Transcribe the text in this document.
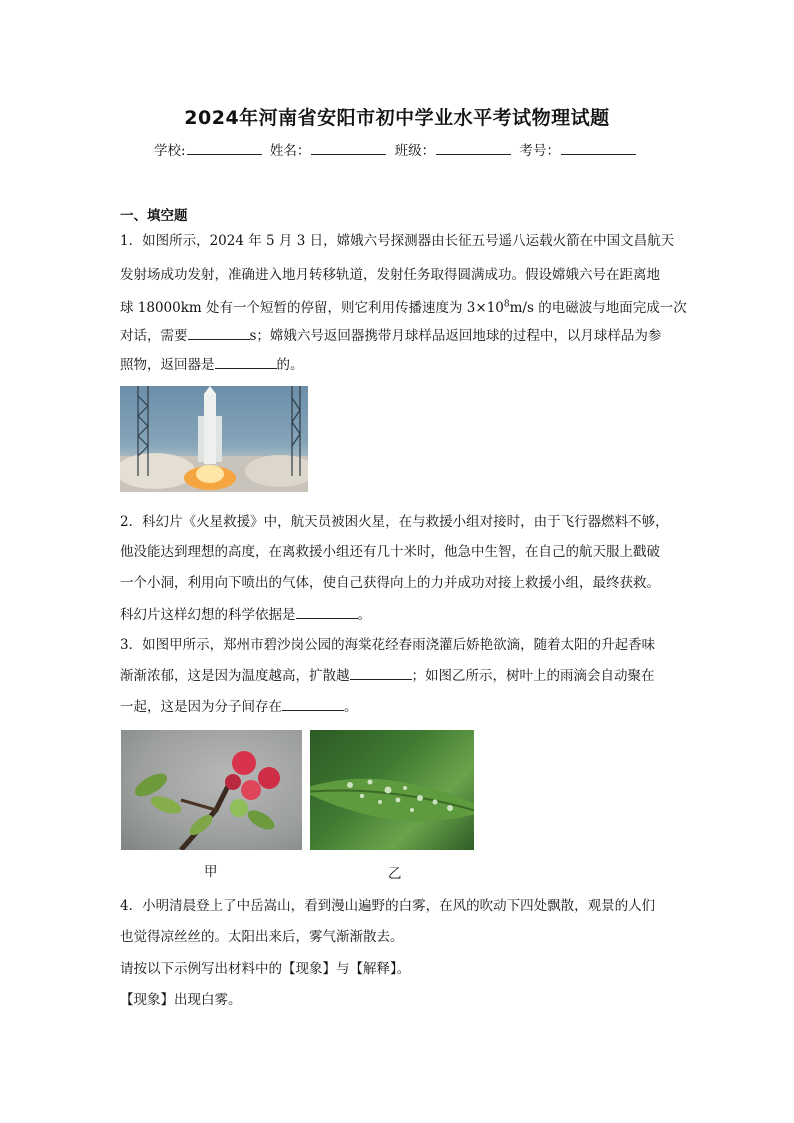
2024年河南省安阳市初中学业水平考试物理试题
学校:	姓名：	班级：	考号：
一、填空题
1．如图所示，2024 年 5 月 3 日，嫦娥六号探测器由长征五号遥八运载火箭在中国文昌航天
发射场成功发射，准确进入地月转移轨道，发射任务取得圆满成功。假设嫦娥六号在距离地
球 18000km 处有一个短暂的停留，则它利用传播速度为 $3\times 10^8m/s$ 的电磁波与地面完成一次
对话，需要	s；嫦娥六号返回器携带月球样品返回地球的过程中，以月球样品为参
照物，返回器是	的。
2．科幻片《火星救援》中，航天员被困火星，在与救援小组对接时，由于飞行器燃料不够，
他没能达到理想的高度，在离救援小组还有几十米时，他急中生智，在自己的航天服上戳破
一个小洞，利用向下喷出的气体，使自己获得向上的力并成功对接上救援小组，最终获救。
科幻片这样幻想的科学依据是	。
3．如图甲所示，郑州市碧沙岗公园的海棠花经春雨浇灌后娇艳欲滴，随着太阳的升起香味
渐渐浓郁，这是因为温度越高，扩散越	；如图乙所示，树叶上的雨滴会自动聚在
一起，这是因为分子间存在	。
甲	乙
4．小明清晨登上了中岳嵩山，看到漫山遍野的白雾，在风的吹动下四处飘散，观景的人们
也觉得凉丝丝的。太阳出来后，雾气渐渐散去。
请按以下示例写出材料中的【现象】与【解释】。
【现象】出现白雾。
